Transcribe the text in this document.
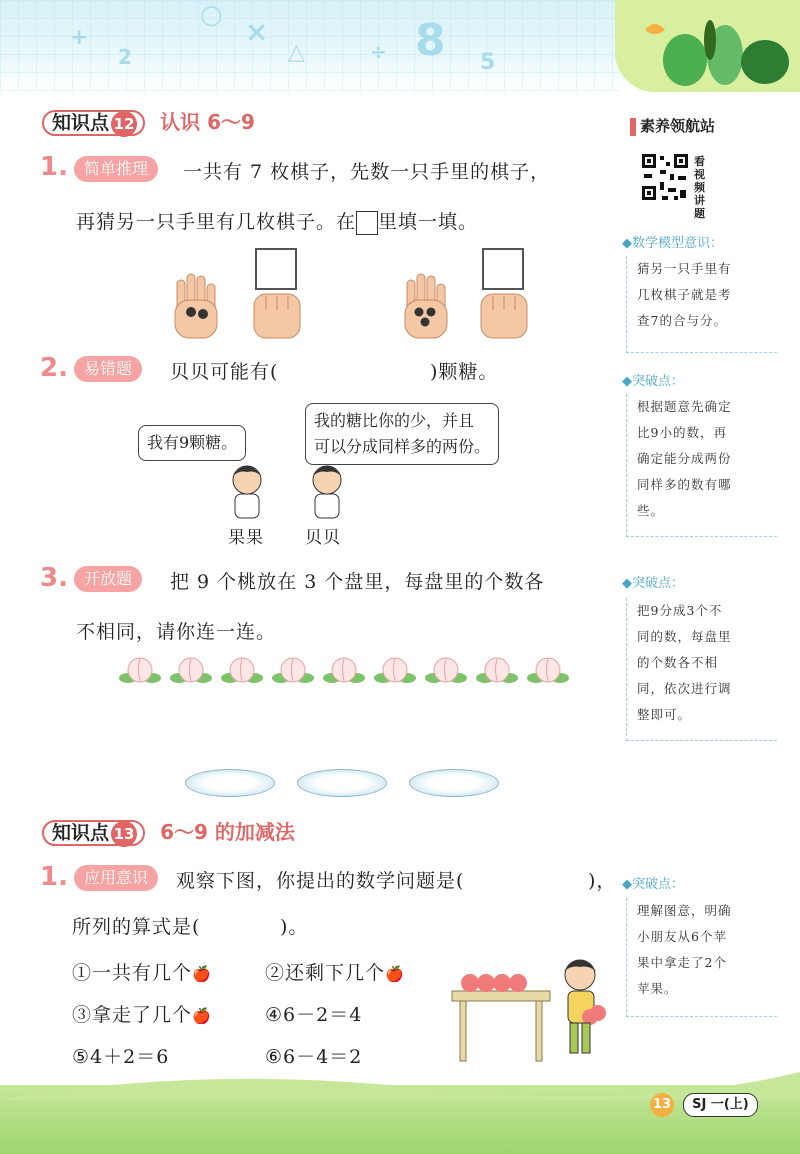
+
2
○ ×
△	÷ 8 5
素养领航站
看视频讲题
◆数学模型意识：
猜另一只手里有
几枚棋子就是考
查7的合与分。
◆突破点：
根据题意先确定
比9小的数，再
确定能分成两份
同样多的数有哪
些。
◆突破点：
把9分成3个不
同的数，每盘里
的个数各不相
同，依次进行调
整即可。
◆突破点：
理解图意，明确
小朋友从6个苹
果中拿走了2个
苹果。
知识点 12 认识 6～9
1.	简单推理	一共有 7 枚棋子，先数一只手里的棋子，
再猜另一只手里有几枚棋子。在 里填一填。
2.	易错题	贝贝可能有(	)颗糖。
我有9颗糖。
我的糖比你的少，并且
可以分成同样多的两份。
果果 贝贝
3.	开放题	把 9 个桃放在 3 个盘里，每盘里的个数各
不相同，请你连一连。
知识点 13 6～9 的加减法
1.	应用意识	观察下图，你提出的数学问题是(	)，
所列的算式是(	)。
①一共有几个🍎	②还剩下几个🍎
③拿走了几个🍎	④6－2＝4
⑤4＋2＝6	⑥6－4＝2
13 SJ 一(上)
